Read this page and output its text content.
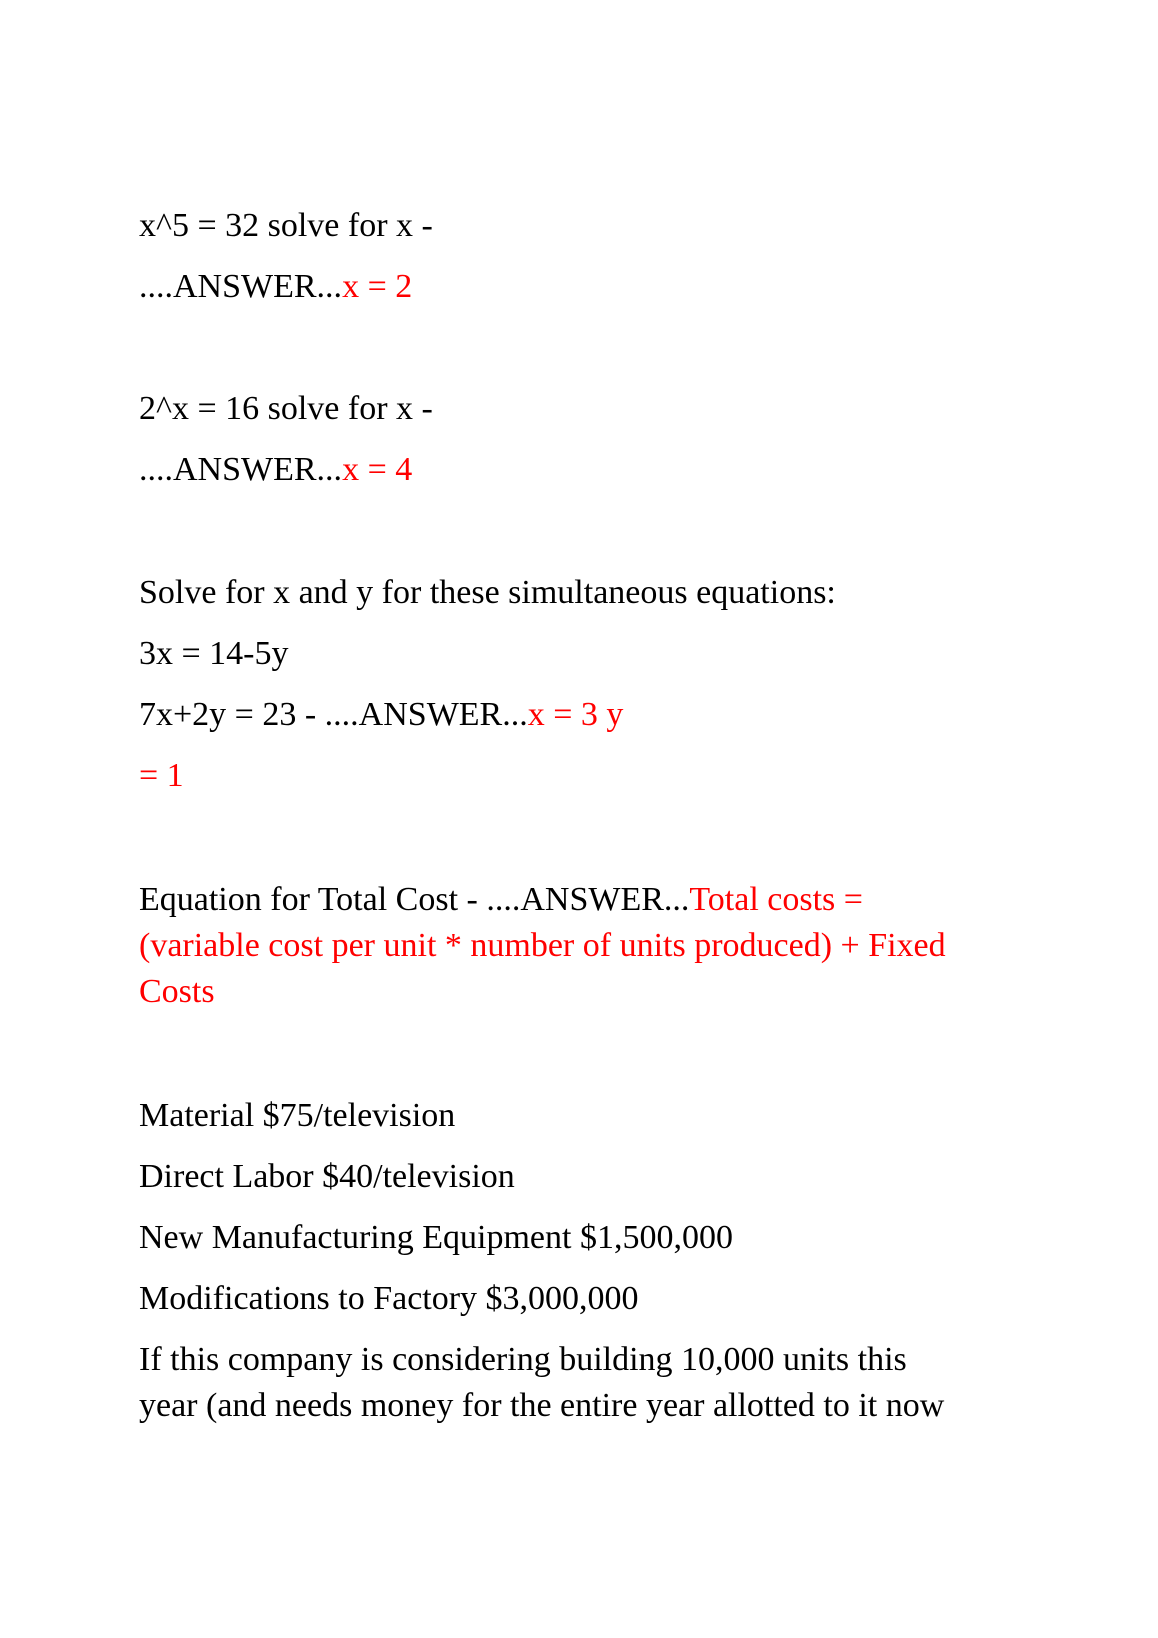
x^5 = 32 solve for x -
....ANSWER...x = 2
2^x = 16 solve for x -
....ANSWER...x = 4
Solve for x and y for these simultaneous equations:
3x = 14-5y
7x+2y = 23 - ....ANSWER...x = 3 y
= 1
Equation for Total Cost - ....ANSWER...Total costs =
(variable cost per unit * number of units produced) + Fixed
Costs
Material $75/television
Direct Labor $40/television
New Manufacturing Equipment $1,500,000
Modifications to Factory $3,000,000
If this company is considering building 10,000 units this
year (and needs money for the entire year allotted to it now
